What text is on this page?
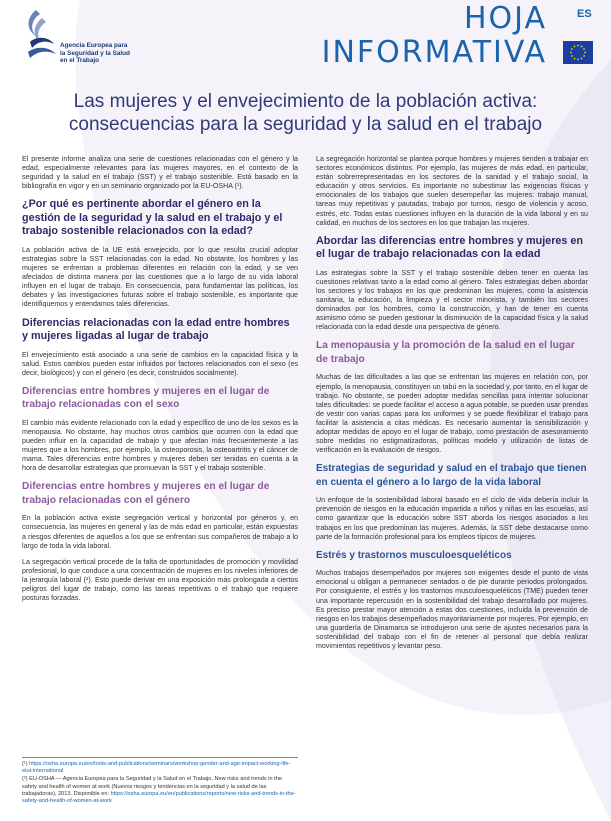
Agencia Europea para
la Seguridad y la Salud
en el Trabajo
HOJA
INFORMATIVA
ES
Las mujeres y el envejecimiento de la población activa:
consecuencias para la seguridad y la salud en el trabajo

El presente informe analiza una serie de cuestiones relacionadas con el género y la edad, especialmente relevantes para las mujeres mayores, en el contexto de la seguridad y la salud en el trabajo (SST) y el trabajo sostenible. Está basado en la bibliografía en vigor y en un seminario organizado por la EU-OSHA (¹).

¿Por qué es pertinente abordar el género en la gestión de la seguridad y la salud en el trabajo y el trabajo sostenible relacionados con la edad?

La población activa de la UE está envejecido, por lo que resulta crucial adoptar estrategias sobre la SST relacionadas con la edad. No obstante, los hombres y las mujeres se enfrentan a problemas diferentes en relación con la edad, y se ven afectados de distinta manera por las cuestiones que a lo largo de su vida laboral influyen en el lugar de trabajo. En consecuencia, para fundamentar las políticas, los debates y las investigaciones futuras sobre el trabajo sostenible, es importante que identifiquemos y entendamos tales diferencias.

Diferencias relacionadas con la edad entre hombres y mujeres ligadas al lugar de trabajo

El envejecimiento está asociado a una serie de cambios en la capacidad física y la salud. Estos cambios pueden estar influidos por factores relacionados con el sexo (es decir, biológicos) y con el género (es decir, construidos socialmente).

Diferencias entre hombres y mujeres en el lugar de trabajo relacionadas con el sexo

El cambio más evidente relacionado con la edad y específico de uno de los sexos es la menopausia. No obstante, hay muchos otros cambios que ocurren con la edad que pueden influir en la capacidad de trabajo y que afectan más frecuentemente a las mujeres que a los hombres, por ejemplo, la osteoporosis, la osteoartritis y el cáncer de mama. Tales diferencias entre hombres y mujeres deben ser tenidas en cuenta a la hora de desarrollar estrategias que promuevan la SST y el trabajo sostenible.

Diferencias entre hombres y mujeres en el lugar de trabajo relacionadas con el género

En la población activa existe segregación vertical y horizontal por géneros y, en consecuencia, las mujeres en general y las de más edad en particular, están expuestas a riesgos diferentes de aquellos a los que se enfrentan sus compañeros de trabajo a lo largo de toda la vida laboral.

La segregación vertical procede de la falta de oportunidades de promoción y movilidad profesional, lo que conduce a una concentración de mujeres en los niveles inferiores de la jerarquía laboral (²). Esto puede derivar en una exposición más prolongada a ciertos peligros del lugar de trabajo, como las tareas repetitivas o el trabajo que requiere posturas forzadas.

(¹) https://osha.europa.eu/en/tools-and-publications/seminars/workshop-gender-and-age-impact-working-life-etui-international

(²) EU-OSHA — Agencia Europea para la Seguridad y la Salud en el Trabajo, New risks and trends in the safety and health of women at work (Nuevos riesgos y tendencias en la seguridad y la salud de las trabajadoras), 2013. Disponible en: https://osha.europa.eu/en/publications/reports/new-risks-and-trends-in-the-safety-and-health-of-women-at-work

La segregación horizontal se plantea porque hombres y mujeres tienden a trabajar en sectores económicos distintos. Por ejemplo, las mujeres de más edad, en particular, están sobrerrepresentadas en los sectores de la sanidad y el trabajo social, la educación y otros servicios. Es importante no subestimar las exigencias físicas y emocionales de los trabajos que suelen desempeñar las mujeres: trabajo manual, tareas muy repetitivas y pautadas, trabajo por turnos, riesgo de violencia y acoso, estrés, etc. Todas estas cuestiones influyen en la duración de la vida laboral y en su calidad, en muchos de los sectores en los que trabajan las mujeres.

Abordar las diferencias entre hombres y mujeres en el lugar de trabajo relacionadas con la edad

Las estrategias sobre la SST y el trabajo sostenible deben tener en cuenta las cuestiones relativas tanto a la edad como al género. Tales estrategias deben abordar los sectores y los trabajos en los que predominan las mujeres, como la asistencia sanitaria, la educación, la limpieza y el sector minorista, y también los sectores dominados por los hombres, como la construcción, y han de tener en cuenta asimismo cómo se pueden gestionar la disminución de la capacidad física y la salud relacionada con la edad desde una perspectiva de género.

La menopausia y la promoción de la salud en el lugar de trabajo

Muchas de las dificultades a las que se enfrentan las mujeres en relación con, por ejemplo, la menopausia, constituyen un tabú en la sociedad y, por tanto, en el lugar de trabajo. No obstante, se pueden adoptar medidas sencillas para intentar solucionar tales dificultades: se puede facilitar el acceso a agua potable, se pueden usar prendas de vestir con varias capas para los uniformes y se puede flexibilizar el trabajo para facilitar la asistencia a citas médicas. Es necesario aumentar la sensibilización y adoptar medidas de apoyo en el lugar de trabajo, como prestación de asesoramiento sobre medidas no estigmatizadoras, políticas modelo y utilización de listas de verificación en la evaluación de riesgos.

Estrategias de seguridad y salud en el trabajo que tienen en cuenta el género a lo largo de la vida laboral

Un enfoque de la sostenibilidad laboral basado en el ciclo de vida debería incluir la prevención de riesgos en la educación impartida a niños y niñas en las escuelas, así como garantizar que la educación sobre SST aborda los riesgos asociados a los trabajos en los que predominan las mujeres. Además, la SST debe destacarse como parte de la formación profesional para los empleos típicos de mujeres.

Estrés y trastornos musculoesqueléticos

Muchos trabajos desempeñados por mujeres son exigentes desde el punto de vista emocional u obligan a permanecer sentados o de pie durante periodos prolongados. Por consiguiente, el estrés y los trastornos musculoesqueléticos (TME) pueden tener una importante repercusión en la sostenibilidad del trabajo desarrollado por mujeres. Es preciso prestar mayor atención a estas dos cuestiones, incluida la prevención de riesgos en los trabajos desempeñados mayoritariamente por mujeres. Por ejemplo, en una guardería de Dinamarca se introdujeron una serie de ajustes necesarios para la sostenibilidad del trabajo con el fin de retener al personal que debía realizar movimientos repetitivos y levantar peso.
